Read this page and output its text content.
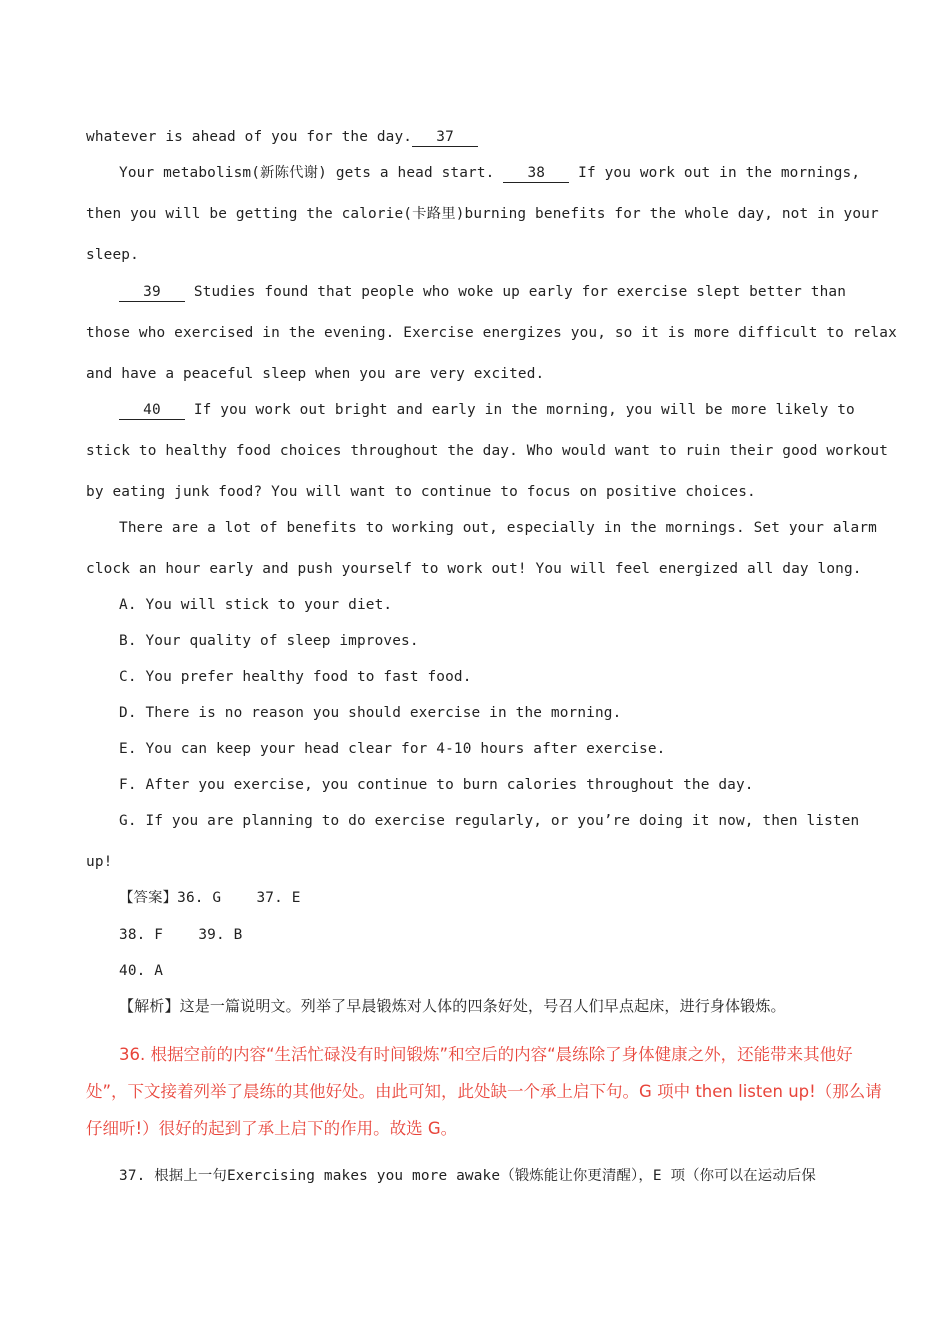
whatever is ahead of you for the day. 37
Your metabolism(新陈代谢) gets a head start. 38 If you work out in the mornings,
then you will be getting the calorie(卡路里)burning benefits for the whole day, not in your
sleep.
39 Studies found that people who woke up early for exercise slept better than
those who exercised in the evening. Exercise energizes you, so it is more difficult to relax
and have a peaceful sleep when you are very excited.
40 If you work out bright and early in the morning, you will be more likely to
stick to healthy food choices throughout the day. Who would want to ruin their good workout
by eating junk food? You will want to continue to focus on positive choices.
There are a lot of benefits to working out, especially in the mornings. Set your alarm
clock an hour early and push yourself to work out! You will feel energized all day long.
A. You will stick to your diet.
B. Your quality of sleep improves.
C. You prefer healthy food to fast food.
D. There is no reason you should exercise in the morning.
E. You can keep your head clear for 4-10 hours after exercise.
F. After you exercise, you continue to burn calories throughout the day.
G. If you are planning to do exercise regularly, or you’re doing it now, then listen
up!
【答案】36. G    37. E
38. F    39. B
40. A
【解析】这是一篇说明文。列举了早晨锻炼对人体的四条好处，号召人们早点起床，进行身体锻炼。
36. 根据空前的内容“生活忙碌没有时间锻炼”和空后的内容“晨练除了身体健康之外，还能带来其他好
处”，下文接着列举了晨练的其他好处。由此可知，此处缺一个承上启下句。G 项中 then listen up!（那么请
仔细听!）很好的起到了承上启下的作用。故选 G。
37. 根据上一句Exercising makes you more awake（锻炼能让你更清醒），E 项（你可以在运动后保
